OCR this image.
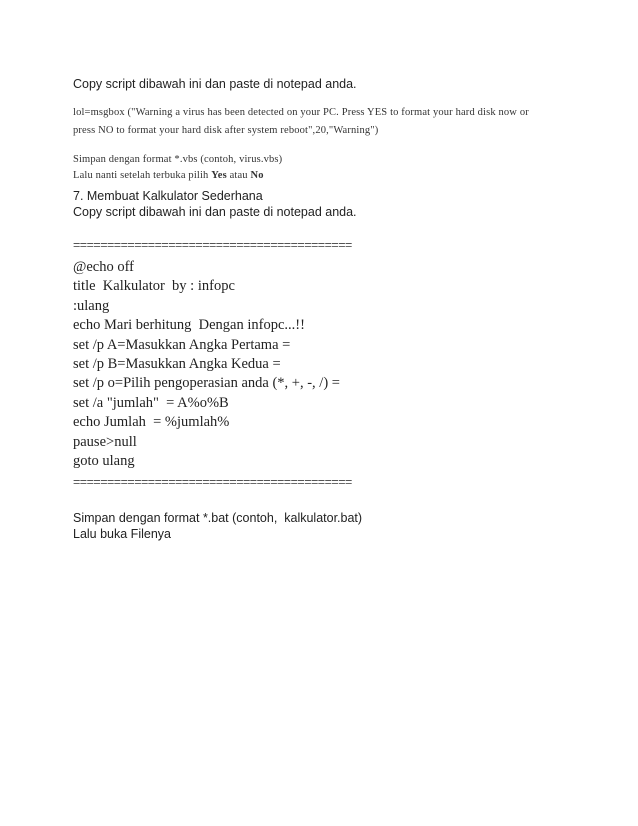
Copy script dibawah ini dan paste di notepad anda.
lol=msgbox ("Warning a virus has been detected on your PC. Press YES to format your hard disk now or
press NO to format your hard disk after system reboot",20,"Warning")
Simpan dengan format *.vbs (contoh, virus.vbs)
Lalu nanti setelah terbuka pilih Yes atau No
7. Membuat Kalkulator Sederhana
Copy script dibawah ini dan paste di notepad anda.
=========================================
@echo off
title  Kalkulator  by : infopc
:ulang
echo Mari berhitung  Dengan infopc...!!
set /p A=Masukkan Angka Pertama =
set /p B=Masukkan Angka Kedua =
set /p o=Pilih pengoperasian anda (*, +, -, /) =
set /a "jumlah"  = A%o%B
echo Jumlah  = %jumlah%
pause>null
goto ulang
=========================================
Simpan dengan format *.bat (contoh,  kalkulator.bat)
Lalu buka Filenya
